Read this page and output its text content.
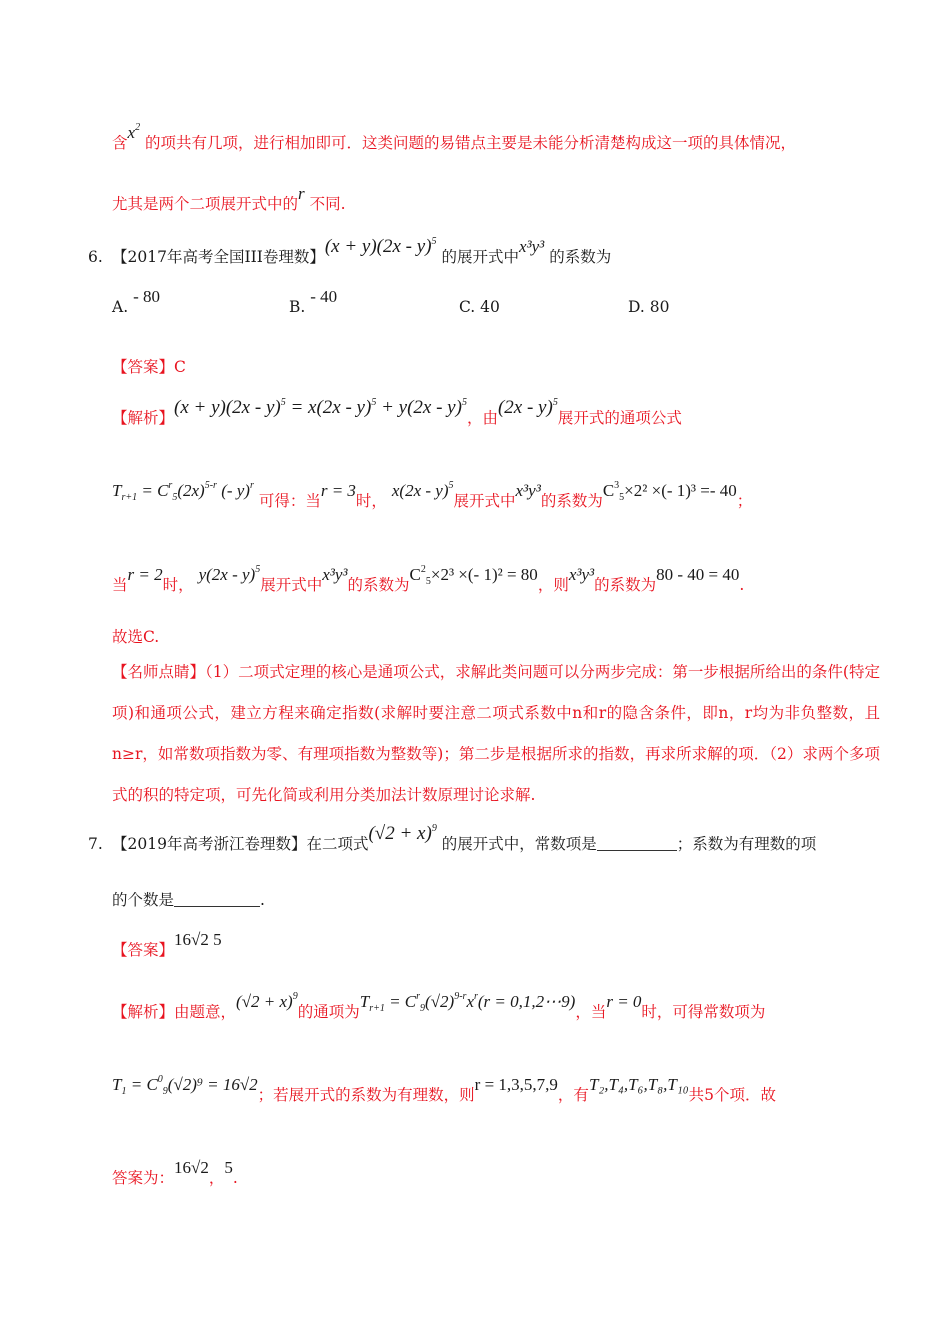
含$x^2$ 的项共有几项，进行相加即可．这类问题的易错点主要是未能分析清楚构成这一项的具体情况，
尤其是两个二项展开式中的r 不同.
6. 【2017年高考全国III卷理数】(x + y)(2x - y)$^5$ 的展开式中x³y³ 的系数为
A. - 80
B. - 40
C. 40	D. 80
【答案】C
【解析】(x + y)(2x - y)$^5$ = x(2x - y)$^5$ + y(2x - y)$^5$，由(2x - y)$^5$展开式的通项公式
$T_{r+1} = C^r_5(2x)^{5-r}$ (- y)$^r$ 可得：当r = 3时， x(2x - y)$^5$展开式中x³y³的系数为$C^3_5\times 2^2$ ×(- 1)³ =- 40；
当r = 2时， y(2x - y)$^5$展开式中x³y³的系数为$C^2_5\times 2^3$ ×(- 1)² = 80，则x³y³的系数为80 - 40 = 40.
故选C.
【名师点睛】（1）二项式定理的核心是通项公式，求解此类问题可以分两步完成：第一步根据所给出的条件(特定项)和通项公式，建立方程来确定指数(求解时要注意二项式系数中n和r的隐含条件，即n，r均为非负整数，且n≥r，如常数项指数为零、有理项指数为整数等)；第二步是根据所求的指数，再求所求解的项．（2）求两个多项式的积的特定项，可先化简或利用分类加法计数原理讨论求解.
7. 【2019年高考浙江卷理数】在二项式$(√2 + x)^9$ 的展开式中，常数项是	；系数为有理数的项
的个数是	.
【答案】16√2 5
【解析】由题意，$(√2 + x)^9$的通项为$T_{r+1} = C^r_9(√2)^{9-r}x^r(r$ = 0,1,2⋯9)，当r = 0时，可得常数项为
$T_1 = C^0_9(√2)^9 = 16√2$；若展开式的系数为有理数，则r = 1,3,5,7,9，有T₂,T₄,T₆,T₈,T₁₀共5个项．故
答案为：16√2，5.
